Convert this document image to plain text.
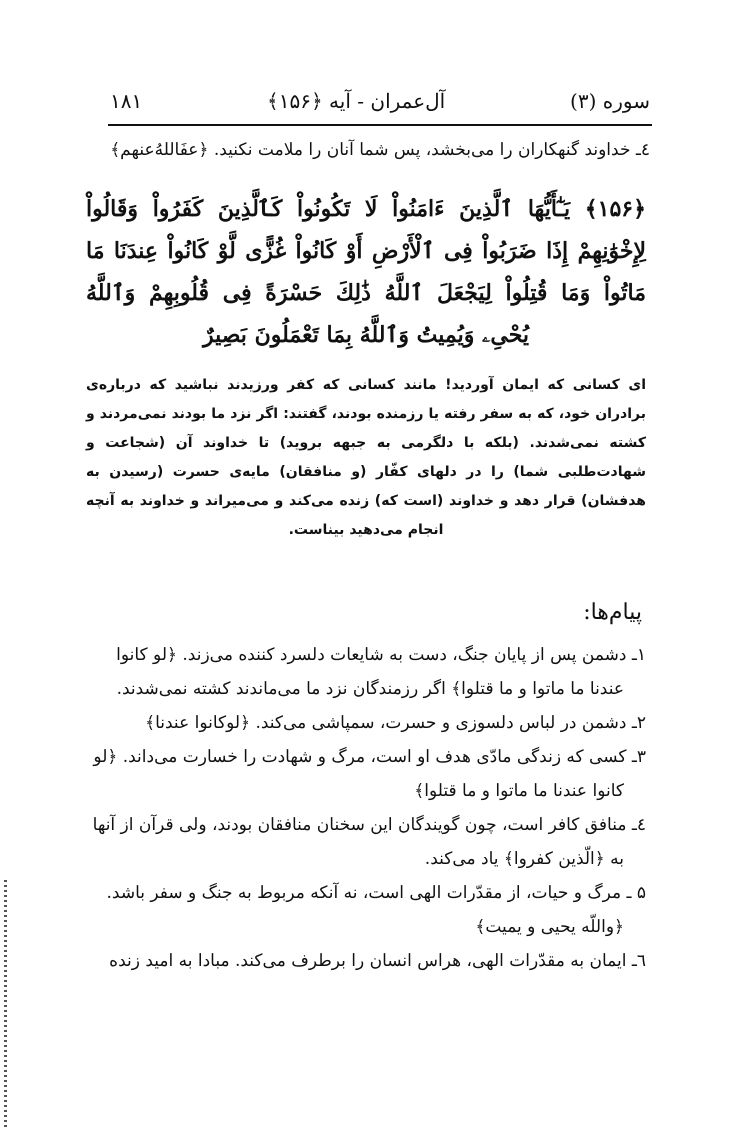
سوره (۳)
آل‌عمران - آیه ﴿۱۵۶﴾
۱۸۱
٤ـ خداوند گنهکاران را می‌بخشد، پس شما آنان را ملامت نکنید. ﴿عفَاللهُ‌عنهم﴾
﴿۱۵۶﴾ يَـٰٓأَيُّهَا ٱلَّذِينَ ءَامَنُواْ لَا تَكُونُواْ كَٱلَّذِينَ كَفَرُواْ وَقَالُواْ لِإِخْوَٰنِهِمْ إِذَا ضَرَبُواْ فِى ٱلْأَرْضِ أَوْ كَانُواْ غُزًّى لَّوْ كَانُواْ عِندَنَا مَا مَاتُواْ وَمَا قُتِلُواْ لِيَجْعَلَ ٱللَّهُ ذَٰلِكَ حَسْرَةً فِى قُلُوبِهِمْ وَٱللَّهُ يُحْىِۦ وَيُمِيتُ وَٱللَّهُ بِمَا تَعْمَلُونَ بَصِيرٌ
ای کسانی که ایمان آوردید! مانند کسانی که کفر ورزیدند نباشید که درباره‌ی برادران خود، که به سفر رفته یا رزمنده بودند، گفتند: اگر نزد ما بودند نمی‌مردند و کشته نمی‌شدند. (بلکه با دلگرمی به جبهه بروید) تا خداوند آن (شجاعت و شهادت‌طلبی شما) را در دلهای کفّار (و منافقان) مایه‌ی حسرت (رسیدن به هدفشان) قرار دهد و خداوند (است که) زنده می‌کند و می‌میراند و خداوند به آنچه انجام می‌دهید بیناست.
پیام‌ها:
١ـ دشمن پس از پایان جنگ، دست به شایعات دلسرد کننده می‌زند. ﴿لو کانوا
عندنا ما ماتوا و ما قتلوا﴾ اگر رزمندگان نزد ما می‌ماندند کشته نمی‌شدند.
٢ـ دشمن در لباس دلسوزی و حسرت، سمپاشی می‌کند. ﴿لوکانوا عندنا﴾
٣ـ کسی که زندگی مادّی هدف او است، مرگ و شهادت را خسارت می‌داند. ﴿لو
کانوا عندنا ما ماتوا و ما قتلوا﴾
٤ـ منافق کافر است، چون گویندگان این سخنان منافقان بودند، ولی قرآن از آنها
به ﴿الّذین کفروا﴾ یاد می‌کند.
۵ ـ مرگ و حیات، از مقدّرات الهی است، نه آنکه مربوط به جنگ و سفر باشد.
﴿واللّه یحیی و یمیت﴾
٦ـ ایمان به مقدّرات الهی، هراس انسان را برطرف می‌کند. مبادا به امید زنده
